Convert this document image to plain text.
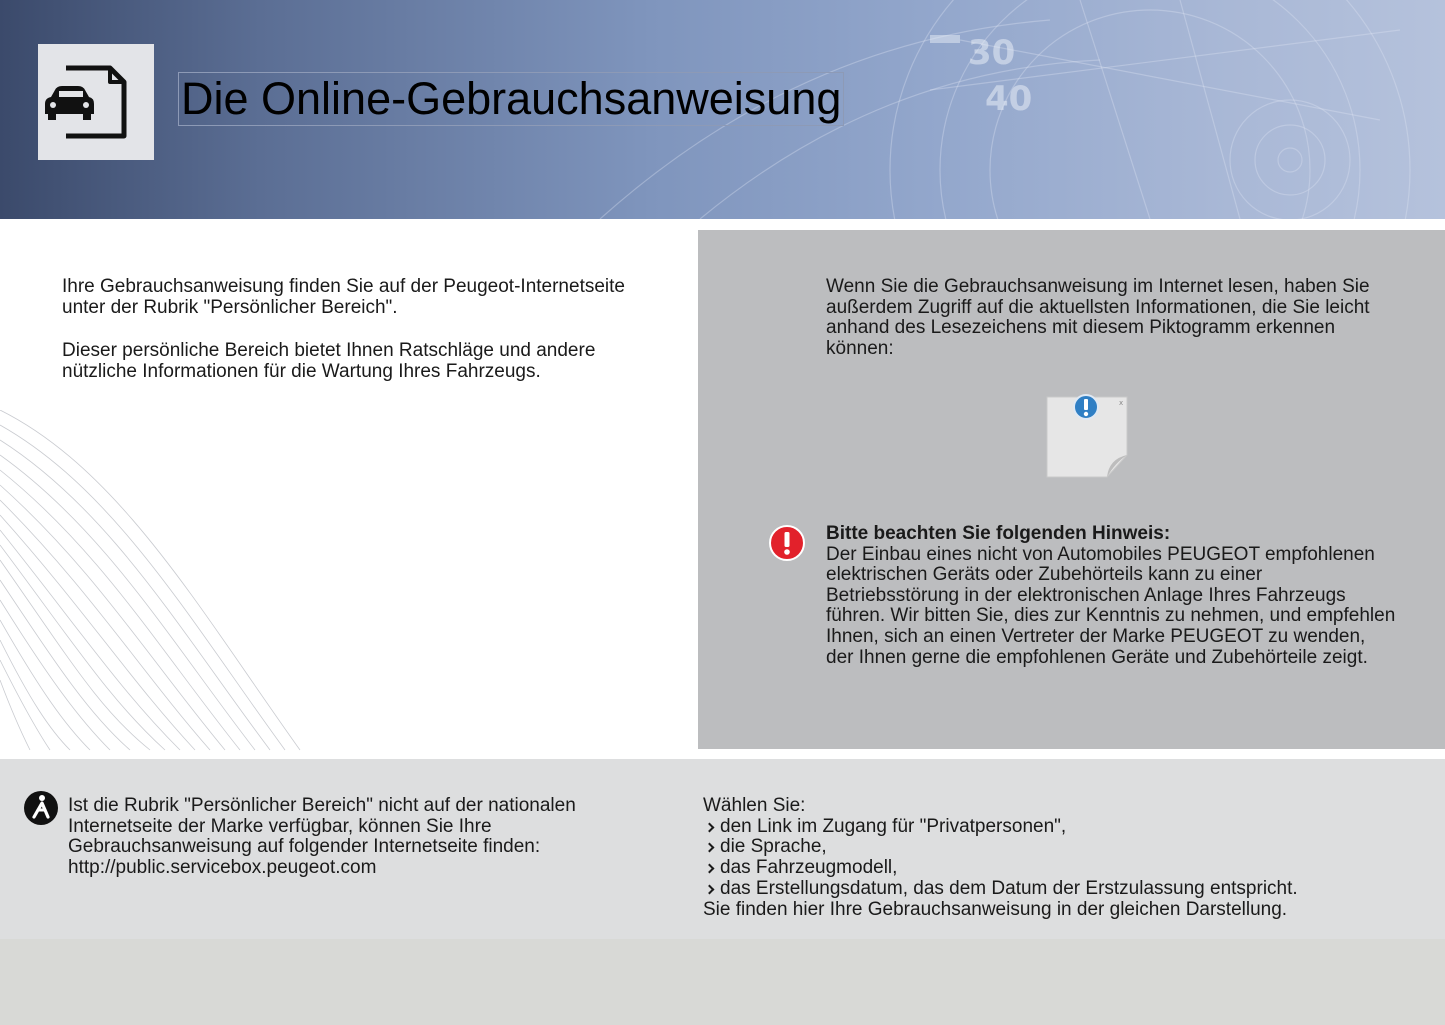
30
40
Die Online-Gebrauchsanweisung

Ihre Gebrauchsanweisung finden Sie auf der Peugeot-Internetseite unter der Rubrik "Persönlicher Bereich".

Dieser persönliche Bereich bietet Ihnen Ratschläge und andere nützliche Informationen für die Wartung Ihres Fahrzeugs.

Wenn Sie die Gebrauchsanweisung im Internet lesen, haben Sie außerdem Zugriff auf die aktuellsten Informationen, die Sie leicht anhand des Lesezeichens mit diesem Piktogramm erkennen können:
x
Bitte beachten Sie folgenden Hinweis:
Der Einbau eines nicht von Automobiles PEUGEOT empfohlenen elektrischen Geräts oder Zubehörteils kann zu einer Betriebsstörung in der elektronischen Anlage Ihres Fahrzeugs führen. Wir bitten Sie, dies zur Kenntnis zu nehmen, und empfehlen Ihnen, sich an einen Vertreter der Marke PEUGEOT zu wenden, der Ihnen gerne die empfohlenen Geräte und Zubehörteile zeigt.
Ist die Rubrik "Persönlicher Bereich" nicht auf der nationalen Internetseite der Marke verfügbar, können Sie Ihre Gebrauchsanweisung auf folgender Internetseite finden:
http://public.servicebox.peugeot.com
Wählen Sie:
den Link im Zugang für "Privatpersonen",
die Sprache,
das Fahrzeugmodell,
das Erstellungsdatum, das dem Datum der Erstzulassung entspricht.
Sie finden hier Ihre Gebrauchsanweisung in der gleichen Darstellung.
